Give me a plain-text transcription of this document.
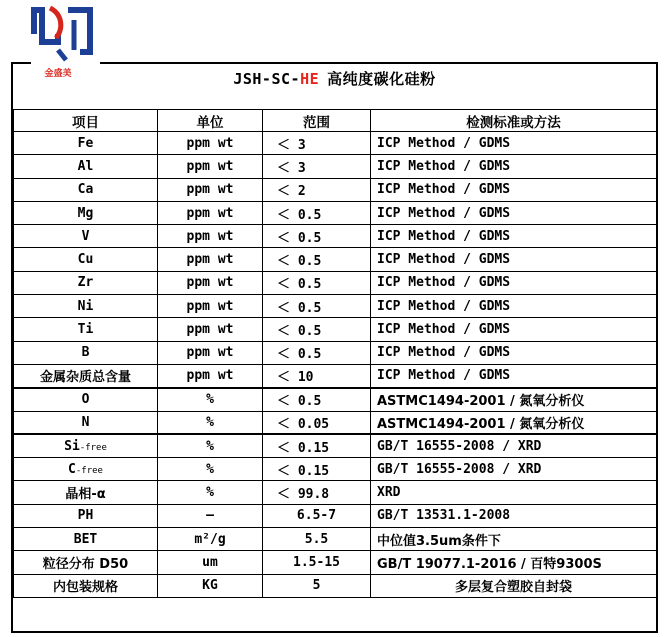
金盛美	JSH-SC-HE 高纯度碳化硅粉
项目	单位	范围	检测标准或方法
Fe	ppm wt	＜ 3	ICP Method / GDMS
Al	ppm wt	＜ 3	ICP Method / GDMS
Ca	ppm wt	＜ 2	ICP Method / GDMS
Mg	ppm wt	＜ 0.5	ICP Method / GDMS
V	ppm wt	＜ 0.5	ICP Method / GDMS
Cu	ppm wt	＜ 0.5	ICP Method / GDMS
Zr	ppm wt	＜ 0.5	ICP Method / GDMS
Ni	ppm wt	＜ 0.5	ICP Method / GDMS
Ti	ppm wt	＜ 0.5	ICP Method / GDMS
B	ppm wt	＜ 0.5	ICP Method / GDMS
金属杂质总含量	ppm wt	＜ 10	ICP Method / GDMS
O	%	＜ 0.5	ASTMC1494-2001 / 氮氧分析仪
N	%	＜ 0.05	ASTMC1494-2001 / 氮氧分析仪
Si-free	%	＜ 0.15	GB/T 16555-2008 / XRD
C-free	%	＜ 0.15	GB/T 16555-2008 / XRD
晶相-α	%	＜ 99.8	XRD
PH	—	6.5-7	GB/T 13531.1-2008
BET	m²/g	5.5	中位值3.5um条件下
粒径分布 D50	um	1.5-15	GB/T 19077.1-2016 / 百特9300S
内包装规格	KG	5	多层复合塑胶自封袋
